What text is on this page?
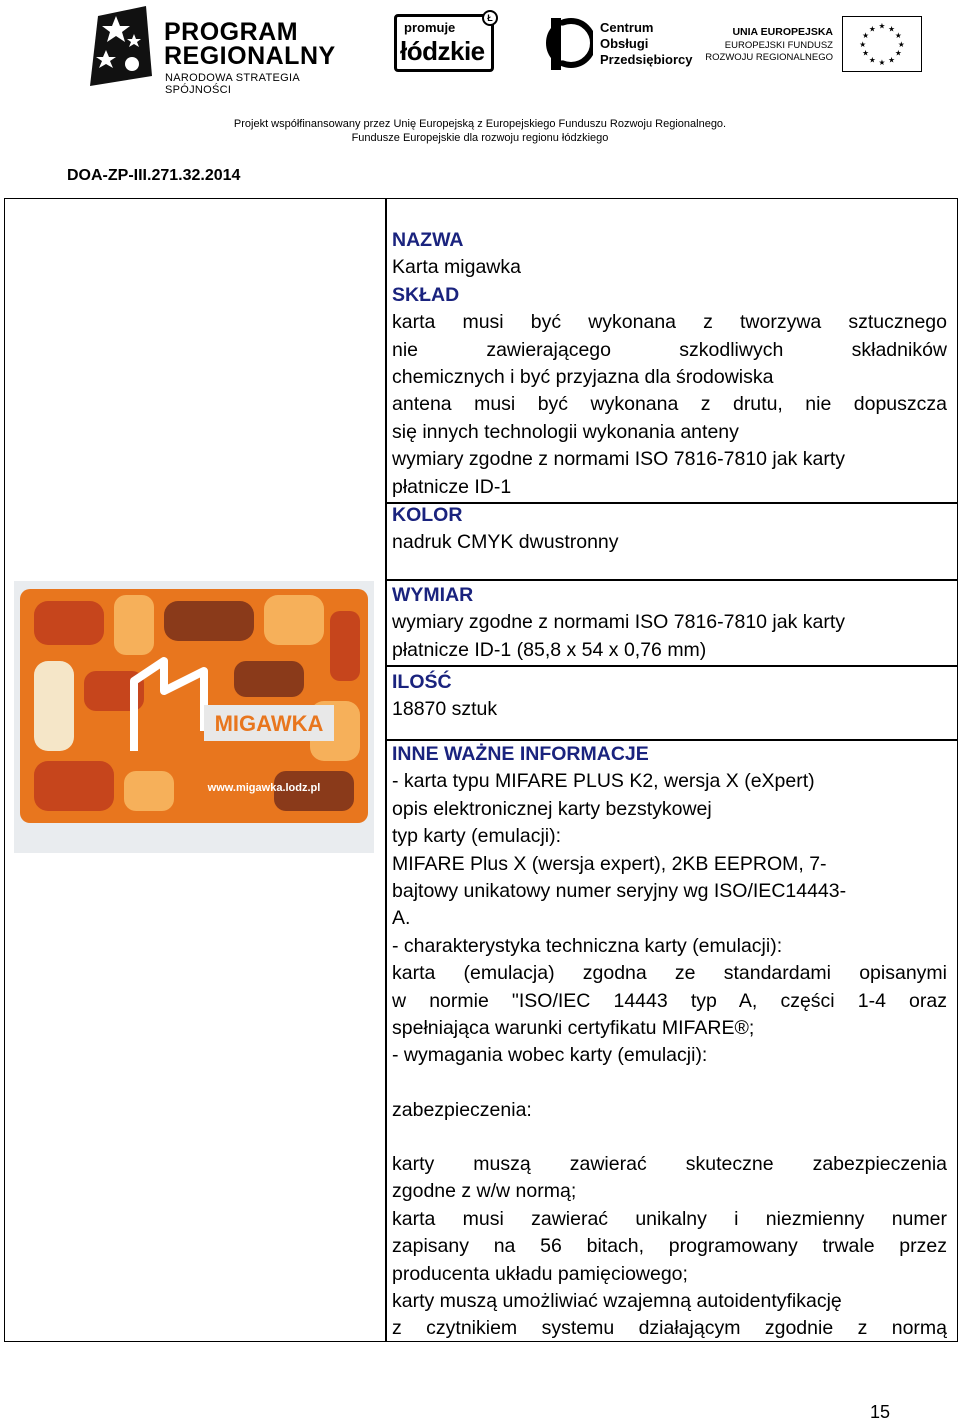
PROGRAM
REGIONALNY
NARODOWA STRATEGIA SPÓJNOŚCI
promuje
łódzkie
Ł
Centrum
Obsługi
Przedsiębiorcy
UNIA EUROPEJSKA
EUROPEJSKI FUNDUSZ
ROZWOJU REGIONALNEGO
★ ★
★
★
★
★
★
★
★
★
★
★
Projekt współfinansowany przez Unię Europejską z Europejskiego Funduszu Rozwoju Regionalnego.
Fundusze Europejskie dla rozwoju regionu łódzkiego
DOA-ZP-III.271.32.2014
MIGAWKA
www.migawka.lodz.pl
NAZWA
Karta migawka
SKŁAD
karta musi być wykonana z tworzywa sztucznego
nie zawierającego szkodliwych składników
chemicznych i być przyjazna dla środowiska
antena musi być wykonana z drutu, nie dopuszcza
się innych technologii wykonania anteny
wymiary zgodne z normami ISO 7816-7810 jak karty
płatnicze ID-1
KOLOR
nadruk CMYK dwustronny
WYMIAR
wymiary zgodne z normami ISO 7816-7810 jak karty
płatnicze ID-1 (85,8 x 54 x 0,76 mm)
ILOŚĆ
18870 sztuk
INNE WAŻNE INFORMACJE
- karta typu MIFARE PLUS K2, wersja X (eXpert)
opis elektronicznej karty bezstykowej
typ karty (emulacji):
MIFARE Plus X (wersja expert), 2KB EEPROM, 7-
bajtowy unikatowy numer seryjny wg ISO/IEC14443-
A.
- charakterystyka techniczna karty (emulacji):
karta (emulacja) zgodna ze standardami opisanymi
w normie "ISO/IEC 14443 typ A, części 1-4 oraz
spełniająca warunki certyfikatu MIFARE®;
- wymagania wobec karty (emulacji):
zabezpieczenia:
karty muszą zawierać skuteczne zabezpieczenia
zgodne z w/w normą;
karta musi zawierać unikalny i niezmienny numer
zapisany na 56 bitach, programowany trwale przez
producenta układu pamięciowego;
karty muszą umożliwiać wzajemną autoidentyfikację
z czytnikiem systemu działającym zgodnie z normą
15
